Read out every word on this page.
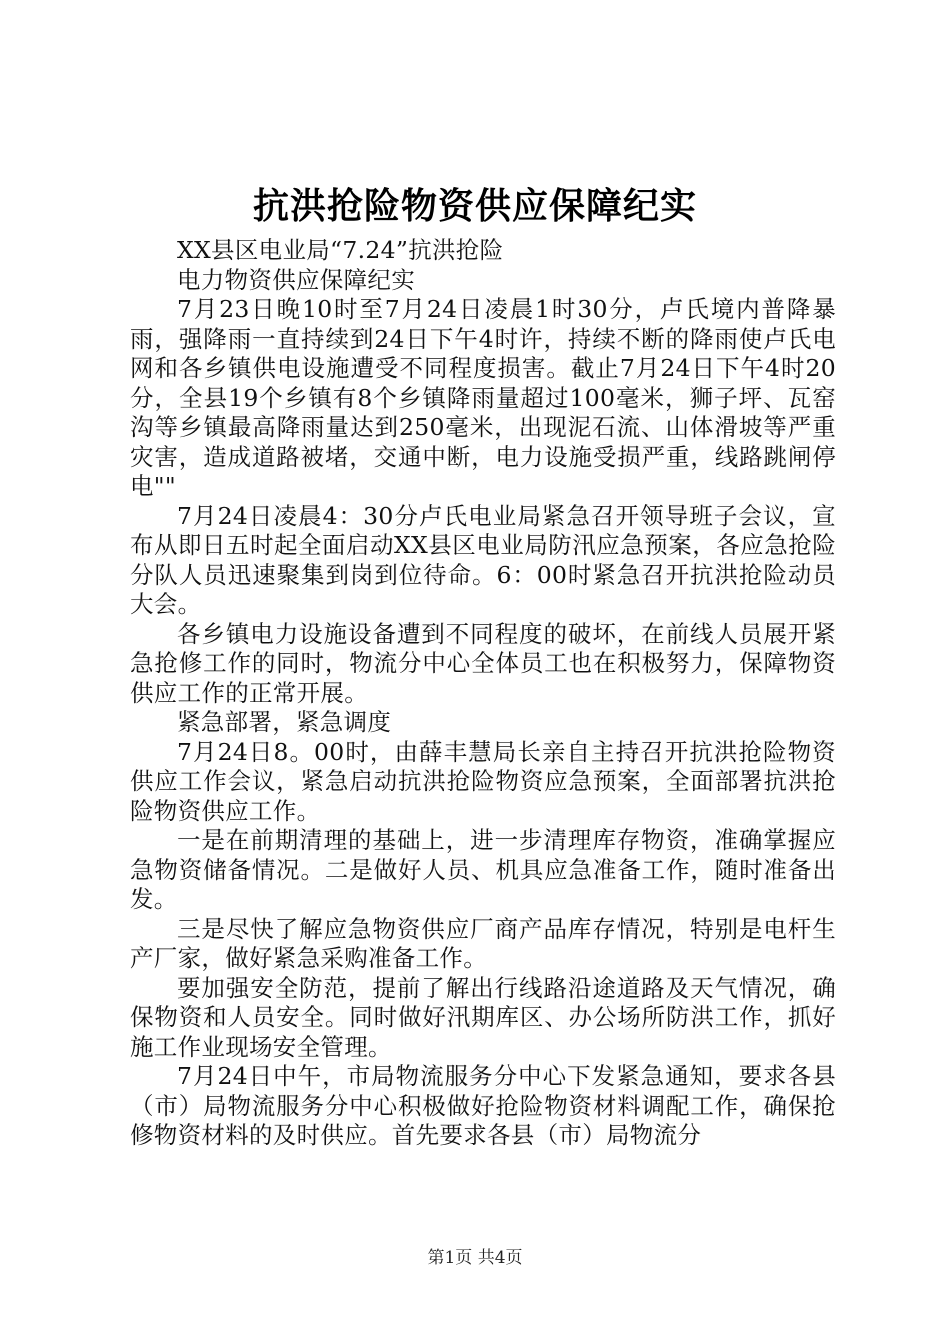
抗洪抢险物资供应保障纪实

XX县区电业局“7.24”抗洪抢险

电力物资供应保障纪实

7月23日晚10时至7月24日凌晨1时30分，卢氏境内普降暴雨，强降雨一直持续到24日下午4时许，持续不断的降雨使卢氏电网和各乡镇供电设施遭受不同程度损害。截止7月24日下午4时20分，全县19个乡镇有8个乡镇降雨量超过100毫米，狮子坪、瓦窑沟等乡镇最高降雨量达到250毫米，出现泥石流、山体滑坡等严重灾害，造成道路被堵，交通中断，电力设施受损严重，线路跳闸停电""

7月24日凌晨4：30分卢氏电业局紧急召开领导班子会议，宣布从即日五时起全面启动XX县区电业局防汛应急预案，各应急抢险分队人员迅速聚集到岗到位待命。6：00时紧急召开抗洪抢险动员大会。

各乡镇电力设施设备遭到不同程度的破坏，在前线人员展开紧急抢修工作的同时，物流分中心全体员工也在积极努力，保障物资供应工作的正常开展。

紧急部署，紧急调度

7月24日8。00时，由薛丰慧局长亲自主持召开抗洪抢险物资供应工作会议，紧急启动抗洪抢险物资应急预案，全面部署抗洪抢险物资供应工作。

一是在前期清理的基础上，进一步清理库存物资，准确掌握应急物资储备情况。二是做好人员、机具应急准备工作，随时准备出发。

三是尽快了解应急物资供应厂商产品库存情况，特别是电杆生产厂家，做好紧急采购准备工作。

要加强安全防范，提前了解出行线路沿途道路及天气情况，确保物资和人员安全。同时做好汛期库区、办公场所防洪工作，抓好施工作业现场安全管理。

7月24日中午，市局物流服务分中心下发紧急通知，要求各县（市）局物流服务分中心积极做好抢险物资材料调配工作，确保抢修物资材料的及时供应。首先要求各县（市）局物流分

第1页 共4页
